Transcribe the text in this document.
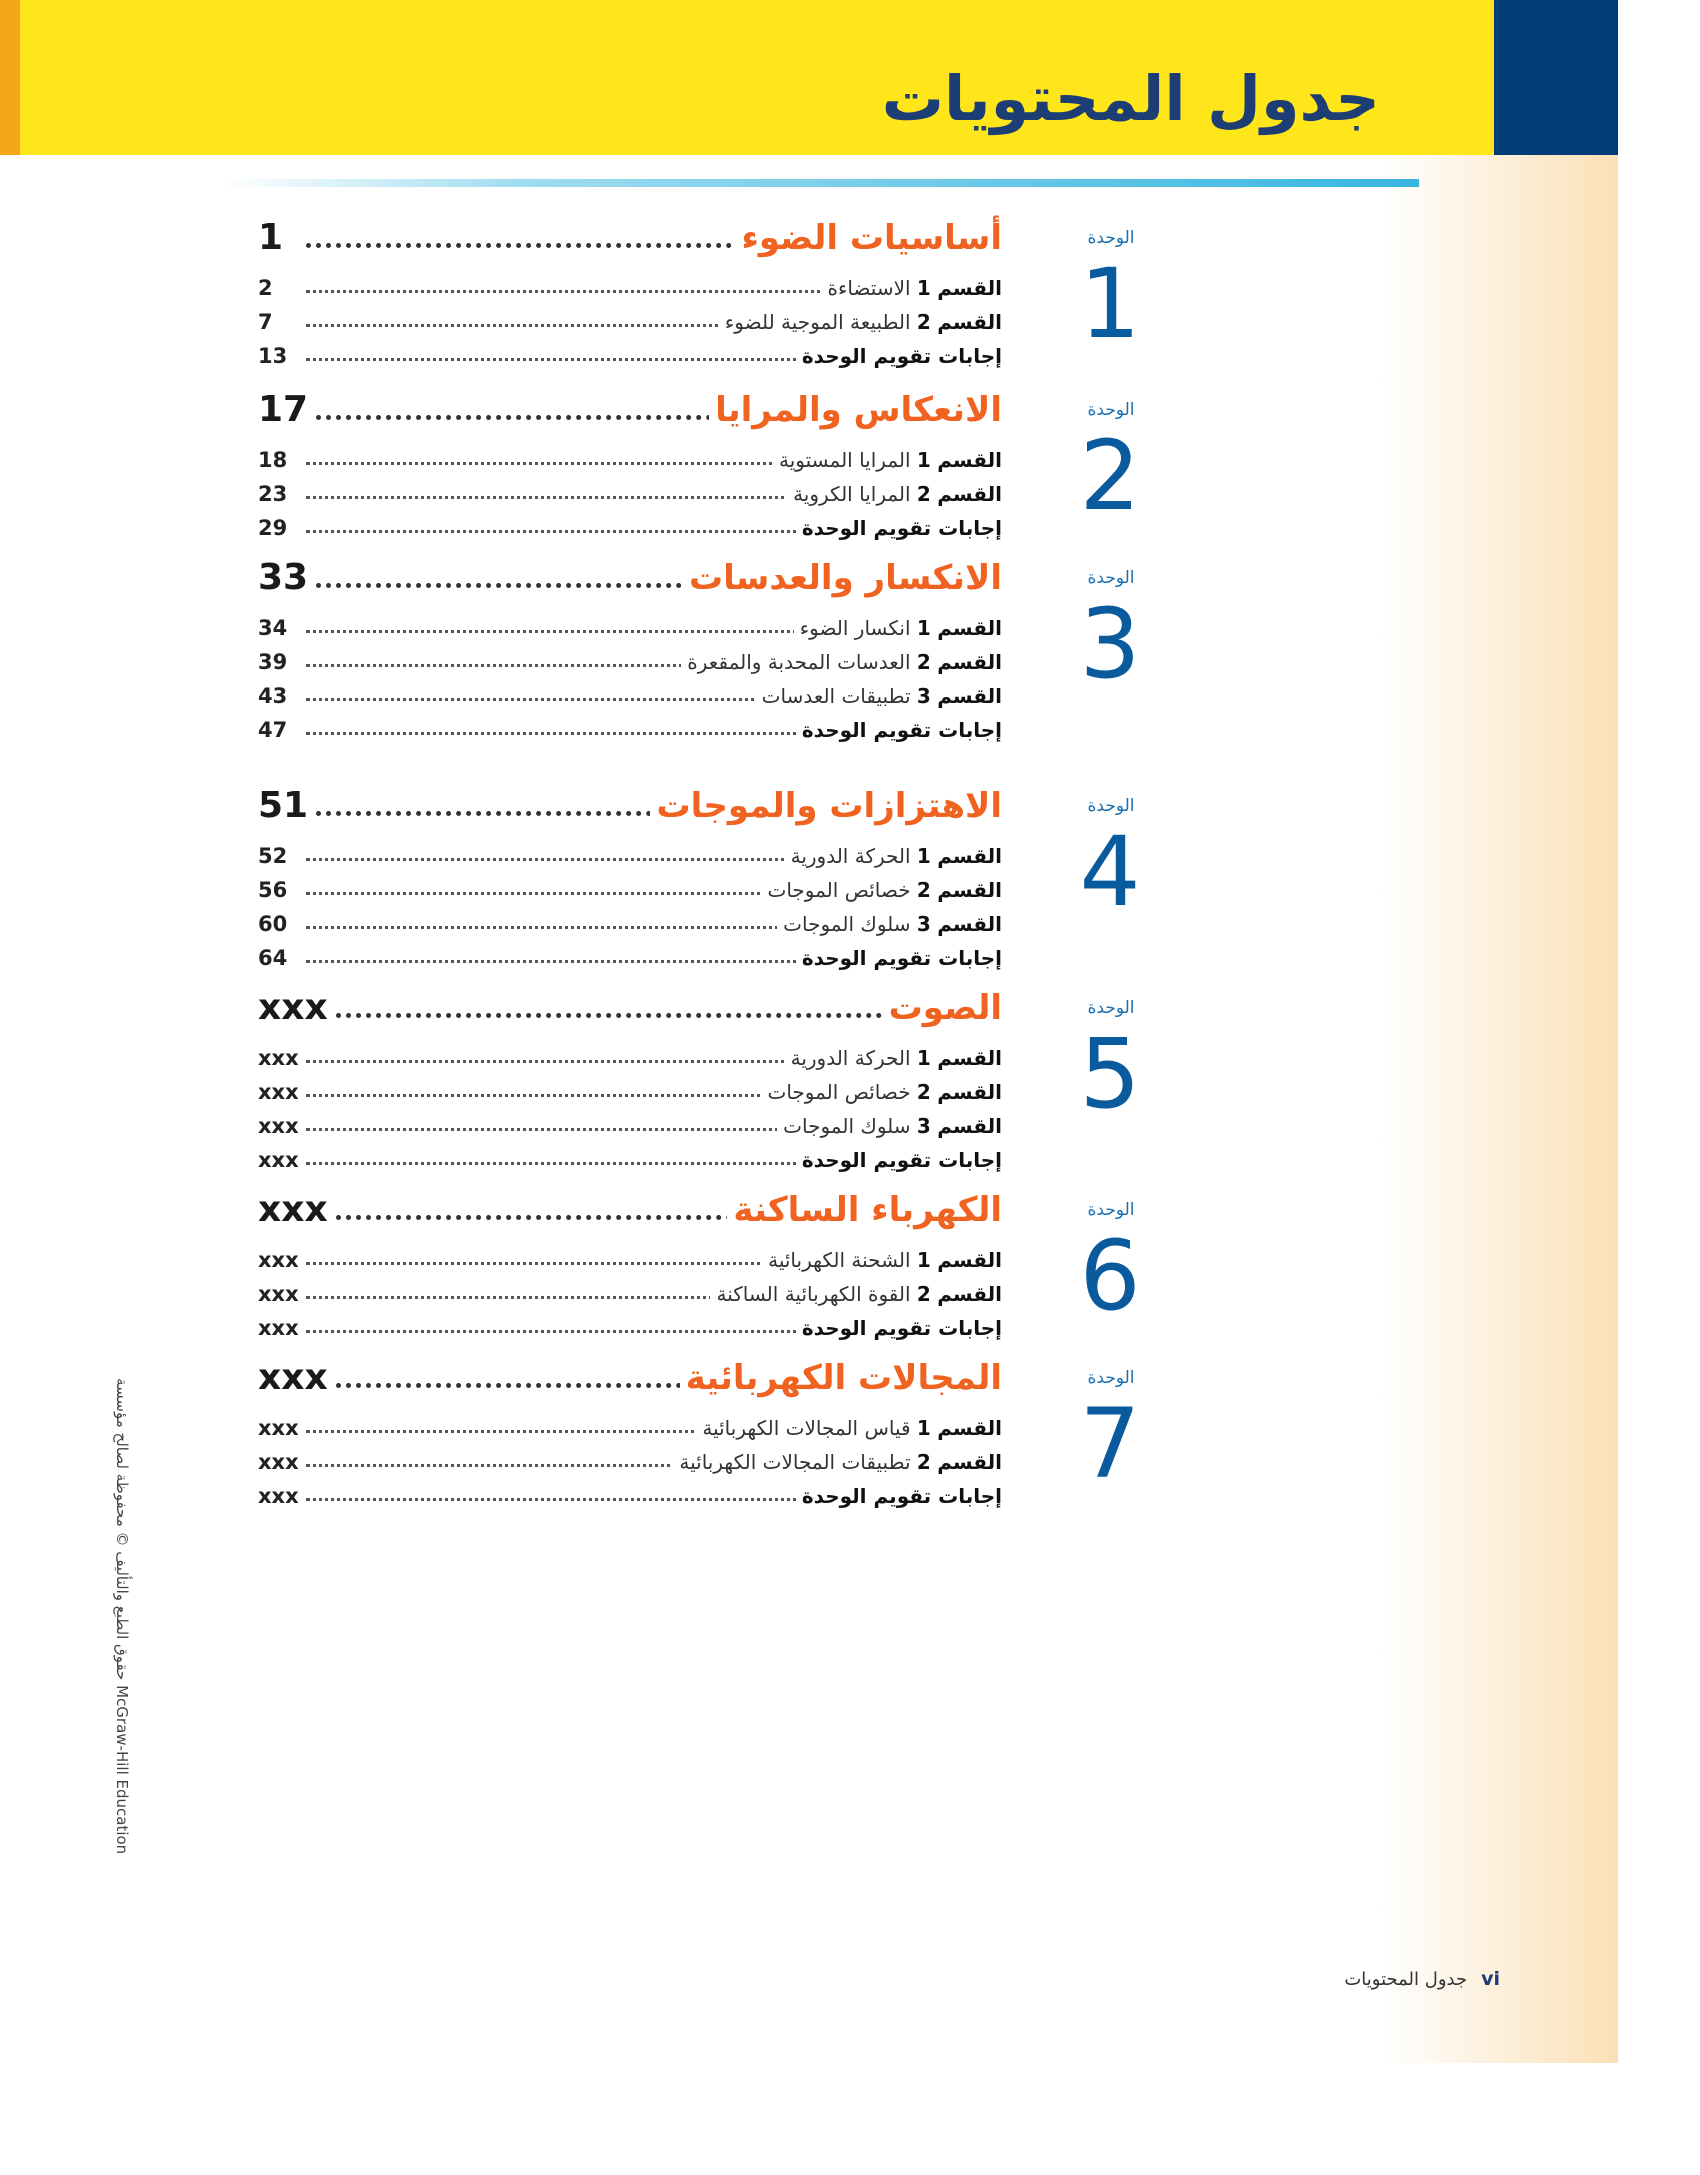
جدول المحتويات
الوحدة
1
1	أساسيات الضوء
2	القسم 1 الاستضاءة
7	القسم 2 الطبيعة الموجية للضوء
13	إجابات تقويم الوحدة
الوحدة
2
17	الانعكاس والمرايا
18	القسم 1 المرايا المستوية
23	القسم 2 المرايا الكروية
29	إجابات تقويم الوحدة
الوحدة
3
33	الانكسار والعدسات
34	القسم 1 انكسار الضوء
39	القسم 2 العدسات المحدبة والمقعرة
43	القسم 3 تطبيقات العدسات
47	إجابات تقويم الوحدة
الوحدة
4
51	الاهتزازات والموجات
52	القسم 1 الحركة الدورية
56	القسم 2 خصائص الموجات
60	القسم 3 سلوك الموجات
64	إجابات تقويم الوحدة
الوحدة
5
xxx	الصوت
xxx	القسم 1 الحركة الدورية
xxx	القسم 2 خصائص الموجات
xxx	القسم 3 سلوك الموجات
xxx	إجابات تقويم الوحدة
الوحدة
6
xxx	الكهرباء الساكنة
xxx	القسم 1 الشحنة الكهربائية
xxx	القسم 2 القوة الكهربائية الساكنة
xxx	إجابات تقويم الوحدة
الوحدة
7
xxx	المجالات الكهربائية
xxx	القسم 1 قياس المجالات الكهربائية
xxx	القسم 2 تطبيقات المجالات الكهربائية
xxx	إجابات تقويم الوحدة
حقوق الطبع والتأليف © محفوظة لصالح مؤسسة McGraw-Hill Education
viجدول المحتويات
